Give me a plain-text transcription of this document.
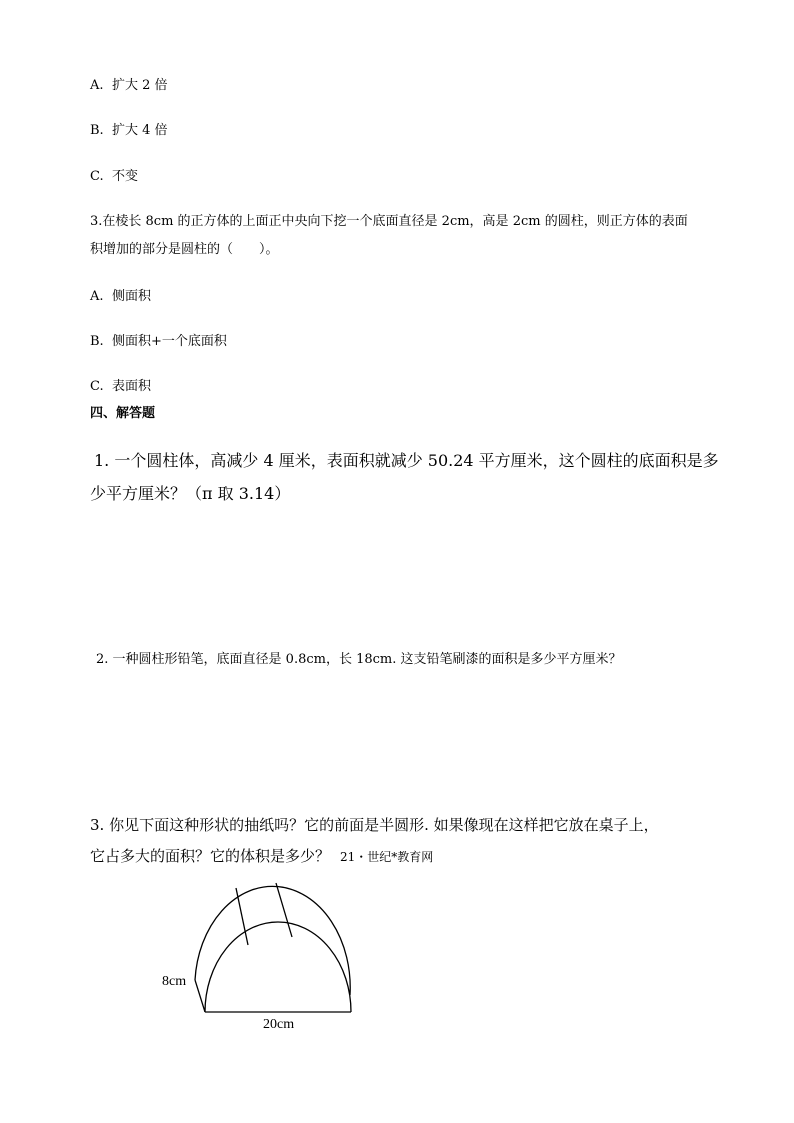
A. 扩大 2 倍
B. 扩大 4 倍
C. 不变
3.在棱长 8cm 的正方体的上面正中央向下挖一个底面直径是 2cm，高是 2cm 的圆柱，则正方体的表面
积增加的部分是圆柱的（　　）。
A. 侧面积
B. 侧面积+一个底面积
C. 表面积
四、解答题
1. 一个圆柱体，高减少 4 厘米，表面积就减少 50.24 平方厘米，这个圆柱的底面积是多
少平方厘米？（π 取 3.14）
2. 一种圆柱形铅笔，底面直径是 0.8cm，长 18cm. 这支铅笔刷漆的面积是多少平方厘米？
3. 你见下面这种形状的抽纸吗？它的前面是半圆形. 如果像现在这样把它放在桌子上，
它占多大的面积？它的体积是多少？ 21・世纪*教育网
8cm
20cm
